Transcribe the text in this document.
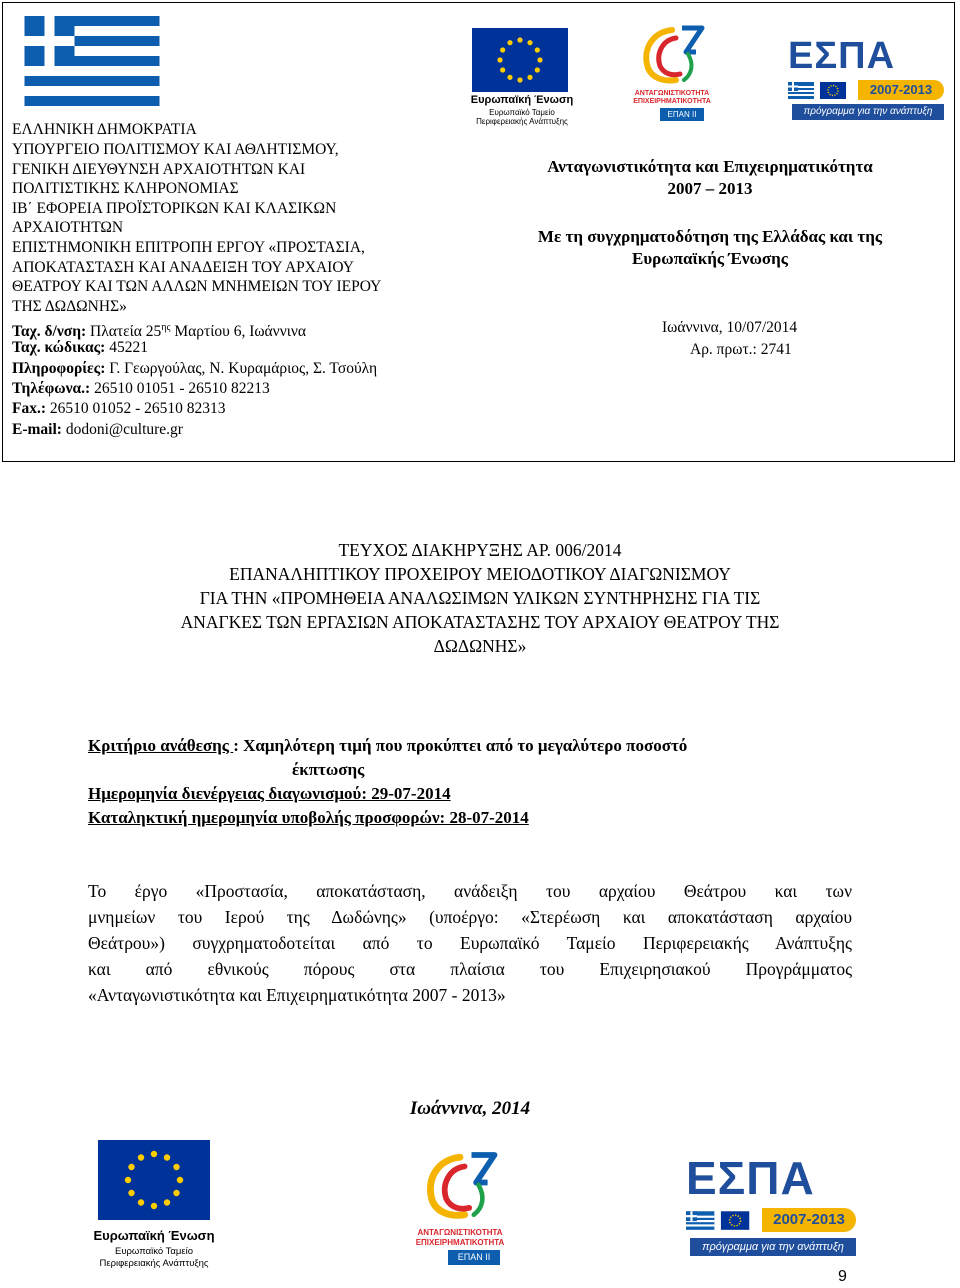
Ευρωπαϊκή Ένωση
Ευρωπαϊκό Ταμείο
Περιφερειακής Ανάπτυξης
ΑΝΤΑΓΩΝΙΣΤΙΚΟΤΗΤΑ
ΕΠΙΧΕΙΡΗΜΑΤΙΚΟΤΗΤΑ
ΕΠΑΝ ΙΙ
ΕΣΠΑ
2007-2013
πρόγραμμα για την ανάπτυξη
ΕΛΛΗΝΙΚΗ ΔΗΜΟΚΡΑΤΙΑ
ΥΠΟΥΡΓΕΙΟ ΠΟΛΙΤΙΣΜΟΥ ΚΑΙ ΑΘΛΗΤΙΣΜΟΥ,
ΓΕΝΙΚΗ ΔΙΕΥΘΥΝΣΗ ΑΡΧΑΙΟΤΗΤΩΝ ΚΑΙ
ΠΟΛΙΤΙΣΤΙΚΗΣ ΚΛΗΡΟΝΟΜΙΑΣ
ΙΒ΄ ΕΦΟΡΕΙΑ ΠΡΟΪΣΤΟΡΙΚΩΝ ΚΑΙ ΚΛΑΣΙΚΩΝ
ΑΡΧΑΙΟΤΗΤΩΝ
ΕΠΙΣΤΗΜΟΝΙΚΗ ΕΠΙΤΡΟΠΗ ΕΡΓΟΥ «ΠΡΟΣΤΑΣΙΑ,
ΑΠΟΚΑΤΑΣΤΑΣΗ ΚΑΙ ΑΝΑΔΕΙΞΗ ΤΟΥ ΑΡΧΑΙΟΥ
ΘΕΑΤΡΟΥ ΚΑΙ ΤΩΝ ΑΛΛΩΝ ΜΝΗΜΕΙΩΝ ΤΟΥ ΙΕΡΟΥ
ΤΗΣ ΔΩΔΩΝΗΣ»
Ταχ. δ/νση: Πλατεία $25^{\eta\varsigma}$ Μαρτίου 6, Ιωάννινα
Ταχ. κώδικας: 45221
Πληροφορίες: Γ. Γεωργούλας, Ν. Κυραμάριος, Σ. Τσούλη
Τηλέφωνα.: 26510 01051 - 26510 82213
Fax.: 26510 01052 - 26510 82313
E-mail: dodoni@culture.gr
Ανταγωνιστικότητα και Επιχειρηματικότητα
2007 – 2013
Με τη συγχρηματοδότηση της Ελλάδας και της
Ευρωπαϊκής Ένωσης
Ιωάννινα, 10/07/2014
Αρ. πρωτ.: 2741
ΤΕΥΧΟΣ ΔΙΑΚΗΡΥΞΗΣ ΑΡ. 006/2014
ΕΠΑΝΑΛΗΠΤΙΚΟΥ ΠΡΟΧΕΙΡΟΥ ΜΕΙΟΔΟΤΙΚΟΥ ΔΙΑΓΩΝΙΣΜΟΥ
ΓΙΑ ΤΗΝ «ΠΡΟΜΗΘΕΙΑ ΑΝΑΛΩΣΙΜΩΝ ΥΛΙΚΩΝ ΣΥΝΤΗΡΗΣΗΣ ΓΙΑ ΤΙΣ
ΑΝΑΓΚΕΣ ΤΩΝ ΕΡΓΑΣΙΩΝ ΑΠΟΚΑΤΑΣΤΑΣΗΣ ΤΟΥ ΑΡΧΑΙΟΥ ΘΕΑΤΡΟΥ ΤΗΣ
ΔΩΔΩΝΗΣ»
Κριτήριο ανάθεσης : Χαμηλότερη τιμή που προκύπτει από το μεγαλύτερο ποσοστό
έκπτωσης
Ημερομηνία διενέργειας διαγωνισμού: 29-07-2014
Καταληκτική ημερομηνία υποβολής προσφορών: 28-07-2014
Το έργο «Προστασία, αποκατάσταση, ανάδειξη του αρχαίου Θεάτρου και των
μνημείων του Ιερού της Δωδώνης» (υποέργο: «Στερέωση και αποκατάσταση αρχαίου
Θεάτρου») συγχρηματοδοτείται από το Ευρωπαϊκό Ταμείο Περιφερειακής Ανάπτυξης
και από εθνικούς πόρους στα πλαίσια του Επιχειρησιακού Προγράμματος
«Ανταγωνιστικότητα και Επιχειρηματικότητα 2007 - 2013»
Ιωάννινα, 2014
Ευρωπαϊκή Ένωση
Ευρωπαϊκό Ταμείο
Περιφερειακής Ανάπτυξης
ΑΝΤΑΓΩΝΙΣΤΙΚΟΤΗΤΑ
ΕΠΙΧΕΙΡΗΜΑΤΙΚΟΤΗΤΑ
ΕΠΑΝ ΙΙ
ΕΣΠΑ
2007-2013
πρόγραμμα για την ανάπτυξη
9
